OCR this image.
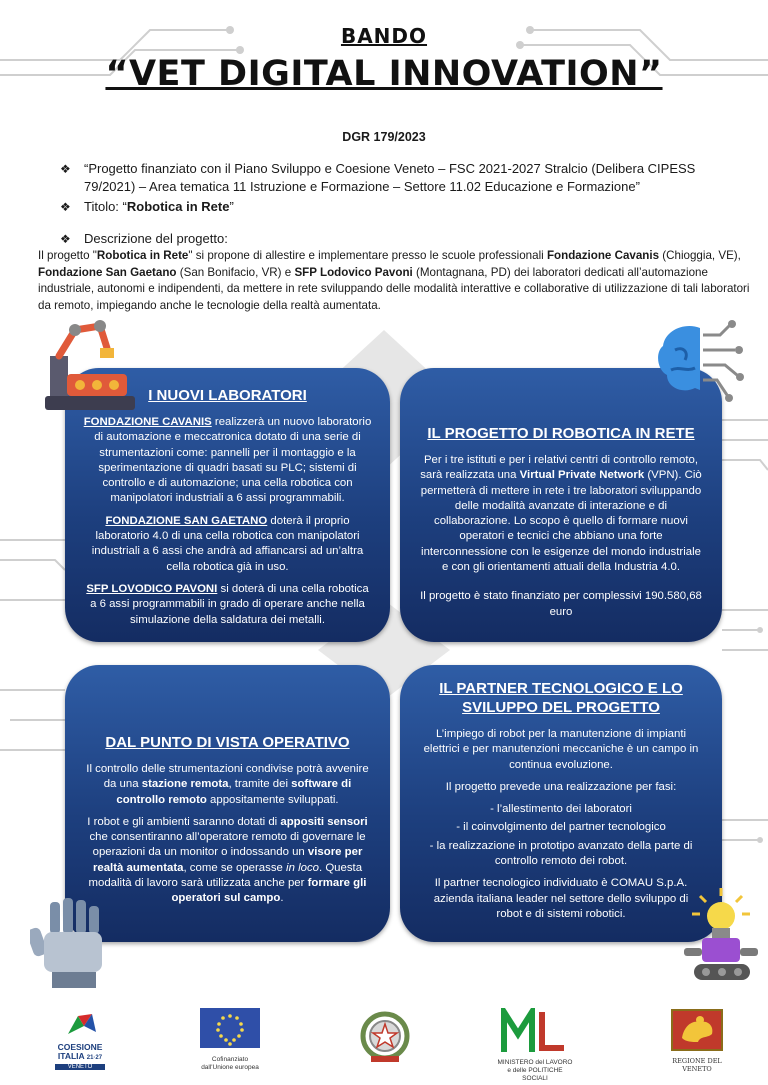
BANDO
“VET DIGITAL INNOVATION”
DGR 179/2023
❖	“Progetto finanziato con il Piano Sviluppo e Coesione Veneto – FSC 2021-2027 Stralcio (Delibera CIPESS 79/2021) – Area tematica 11 Istruzione e Formazione – Settore 11.02 Educazione e Formazione”
❖	Titolo: “Robotica in Rete”
❖	Descrizione del progetto:
Il progetto "Robotica in Rete" si propone di allestire e implementare presso le scuole professionali Fondazione Cavanis (Chioggia, VE), Fondazione San Gaetano (San Bonifacio, VR) e SFP Lodovico Pavoni (Montagnana, PD) dei laboratori dedicati all’automazione industriale, autonomi e indipendenti, da mettere in rete sviluppando delle modalità interattive e collaborative di utilizzazione di tali laboratori da remoto, impiegando anche le tecnologie della realtà aumentata.
I NUOVI LABORATORI

FONDAZIONE CAVANIS realizzerà un nuovo laboratorio di automazione e meccatronica dotato di una serie di strumentazioni come: pannelli per il montaggio e la sperimentazione di quadri basati su PLC; sistemi di controllo e di automazione; una cella robotica con manipolatori industriali a 6 assi programmabili.

FONDAZIONE SAN GAETANO doterà il proprio laboratorio 4.0 di una cella robotica con manipolatori industriali a 6 assi che andrà ad affiancarsi ad un’altra cella robotica già in uso.

SFP LOVODICO PAVONI si doterà di una cella robotica a 6 assi programmabili in grado di operare anche nella simulazione della saldatura dei metalli.

IL PROGETTO DI ROBOTICA IN RETE

Per i tre istituti e per i relativi centri di controllo remoto, sarà realizzata una Virtual Private Network (VPN). Ciò permetterà di mettere in rete i tre laboratori sviluppando delle modalità avanzate di interazione e di collaborazione. Lo scopo è quello di formare nuovi operatori e tecnici che abbiano una forte interconnessione con le esigenze del mondo industriale e con gli orientamenti attuali della Industria 4.0.

Il progetto è stato finanziato per complessivi 190.580,68 euro

DAL PUNTO DI VISTA OPERATIVO

Il controllo delle strumentazioni condivise potrà avvenire da una stazione remota, tramite dei software di controllo remoto appositamente sviluppati.

I robot e gli ambienti saranno dotati di appositi sensori che consentiranno all’operatore remoto di governare le operazioni da un monitor o indossando un visore per realtà aumentata, come se operasse in loco. Questa modalità di lavoro sarà utilizzata anche per formare gli operatori sul campo.

IL PARTNER TECNOLOGICO E LO SVILUPPO DEL PROGETTO

L’impiego di robot per la manutenzione di impianti elettrici e per manutenzioni meccaniche è un campo in continua evoluzione.

Il progetto prevede una realizzazione per fasi:

- l’allestimento dei laboratori

- il coinvolgimento del partner tecnologico

- la realizzazione in prototipo avanzato della parte di controllo remoto dei robot.

Il partner tecnologico individuato è COMAU S.p.A. azienda italiana leader nel settore dello sviluppo di robot e di sistemi robotici.

COESIONE
ITALIA 21·27
VENETO
Cofinanziato
dall'Unione europea
MINISTERO del LAVORO
e delle POLITICHE SOCIALI
REGIONE DEL VENETO
